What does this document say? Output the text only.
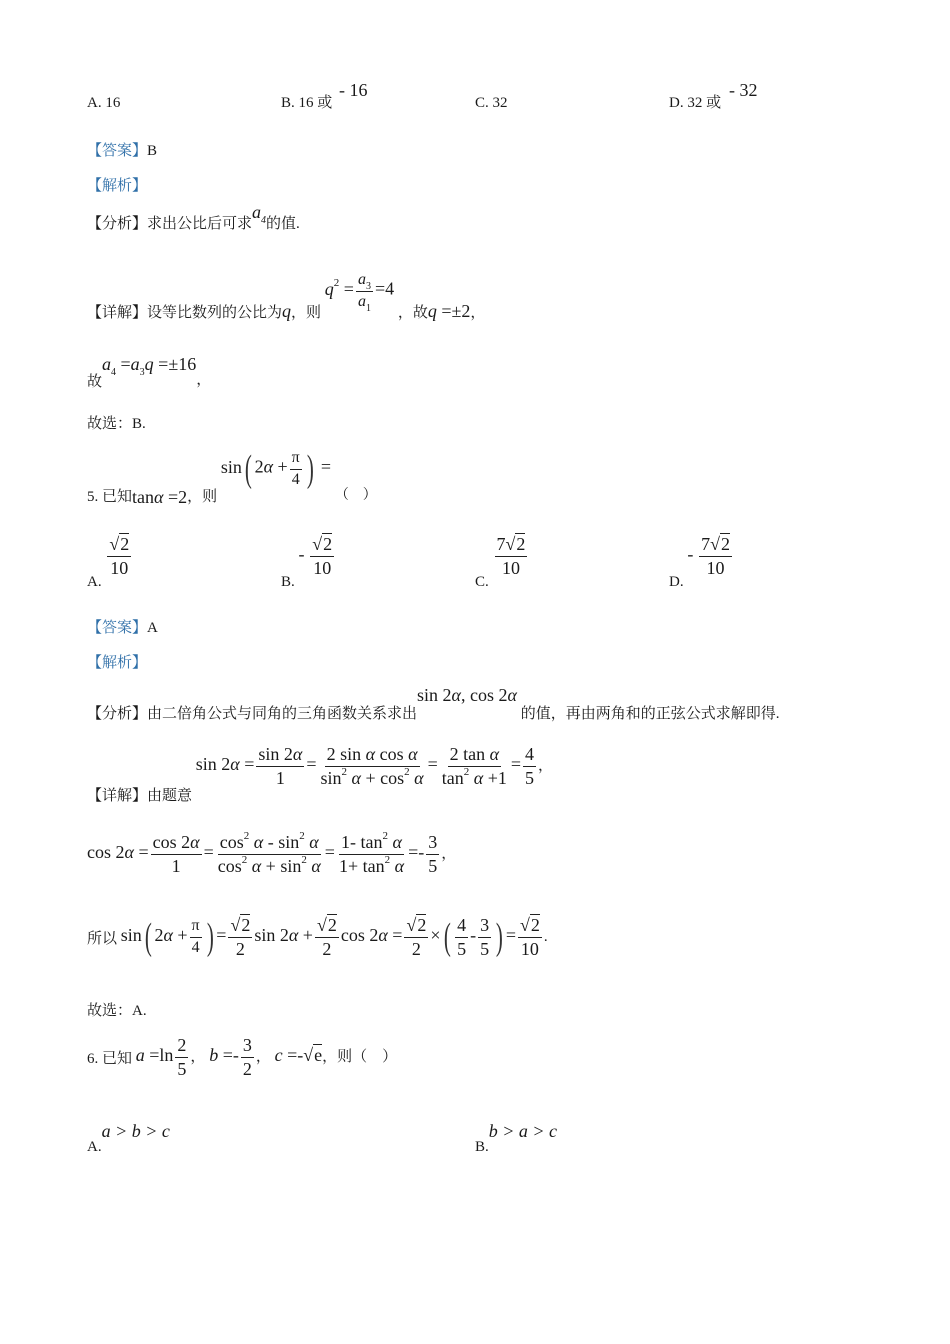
A. 16	B. 16 或
- 16
C. 32	D. 32 或
- 32
【答案】B
【解析】
【分析】求出公比后可求$a_4$的值.
【详解】设等比数列的公比为q，则 $q^2 = \frac{a_3}{a_1} =4$ ，故q =±2，
故$a_4 =a_3q =\pm 16$，
故选：B.
5. 已知tanα =2，则 sin( $2\alpha + \frac{\pi}{4}$ ) = （　）
A.
$\frac{√2}{10}$
B. - $\frac{√2}{10}$
C.
$\frac{7√2}{10}$
D. - $\frac{7√2}{10}$
【答案】A
【解析】
【分析】由二倍角公式与同角的三角函数关系求出sin 2α, cos 2α 的值，再由两角和的正弦公式求解即得.
【详解】由题意 $\sin 2\alpha = \frac{\sin 2\alpha}{1} = \frac{\text{2 sin α cos α}}{\sin^2 \alpha + \cos^2 \alpha} = \frac{\text{2 tan α}}{\tan^2 \alpha +1} = \frac{4}{5}$ ，
$\cos 2\alpha = \frac{\cos 2\alpha}{1} = \frac{\cos^2 \alpha - \sin^2 \alpha}{\cos^2 \alpha + \sin^2 \alpha} = \frac{1- \tan^2 \alpha}{1+ \tan^2 \alpha} =- \frac{3}{5}$ ，
所以 sin( $2\alpha + \frac{\pi}{4}$ ) = $\frac{√2}{2}$ $\sin 2\alpha + \frac{√2}{2}$ $\cos 2\alpha = \frac{√2}{2}$ ×( $\frac{4}{5} - \frac{3}{5}$ ) = $\frac{√2}{10}$ .
故选：A.
6. 已知 $a =\ln \frac{2}{5}$ ， $b =- \frac{3}{2}$ ， c =-√e，则（　）
A.a > b > c
B.b > a > c
